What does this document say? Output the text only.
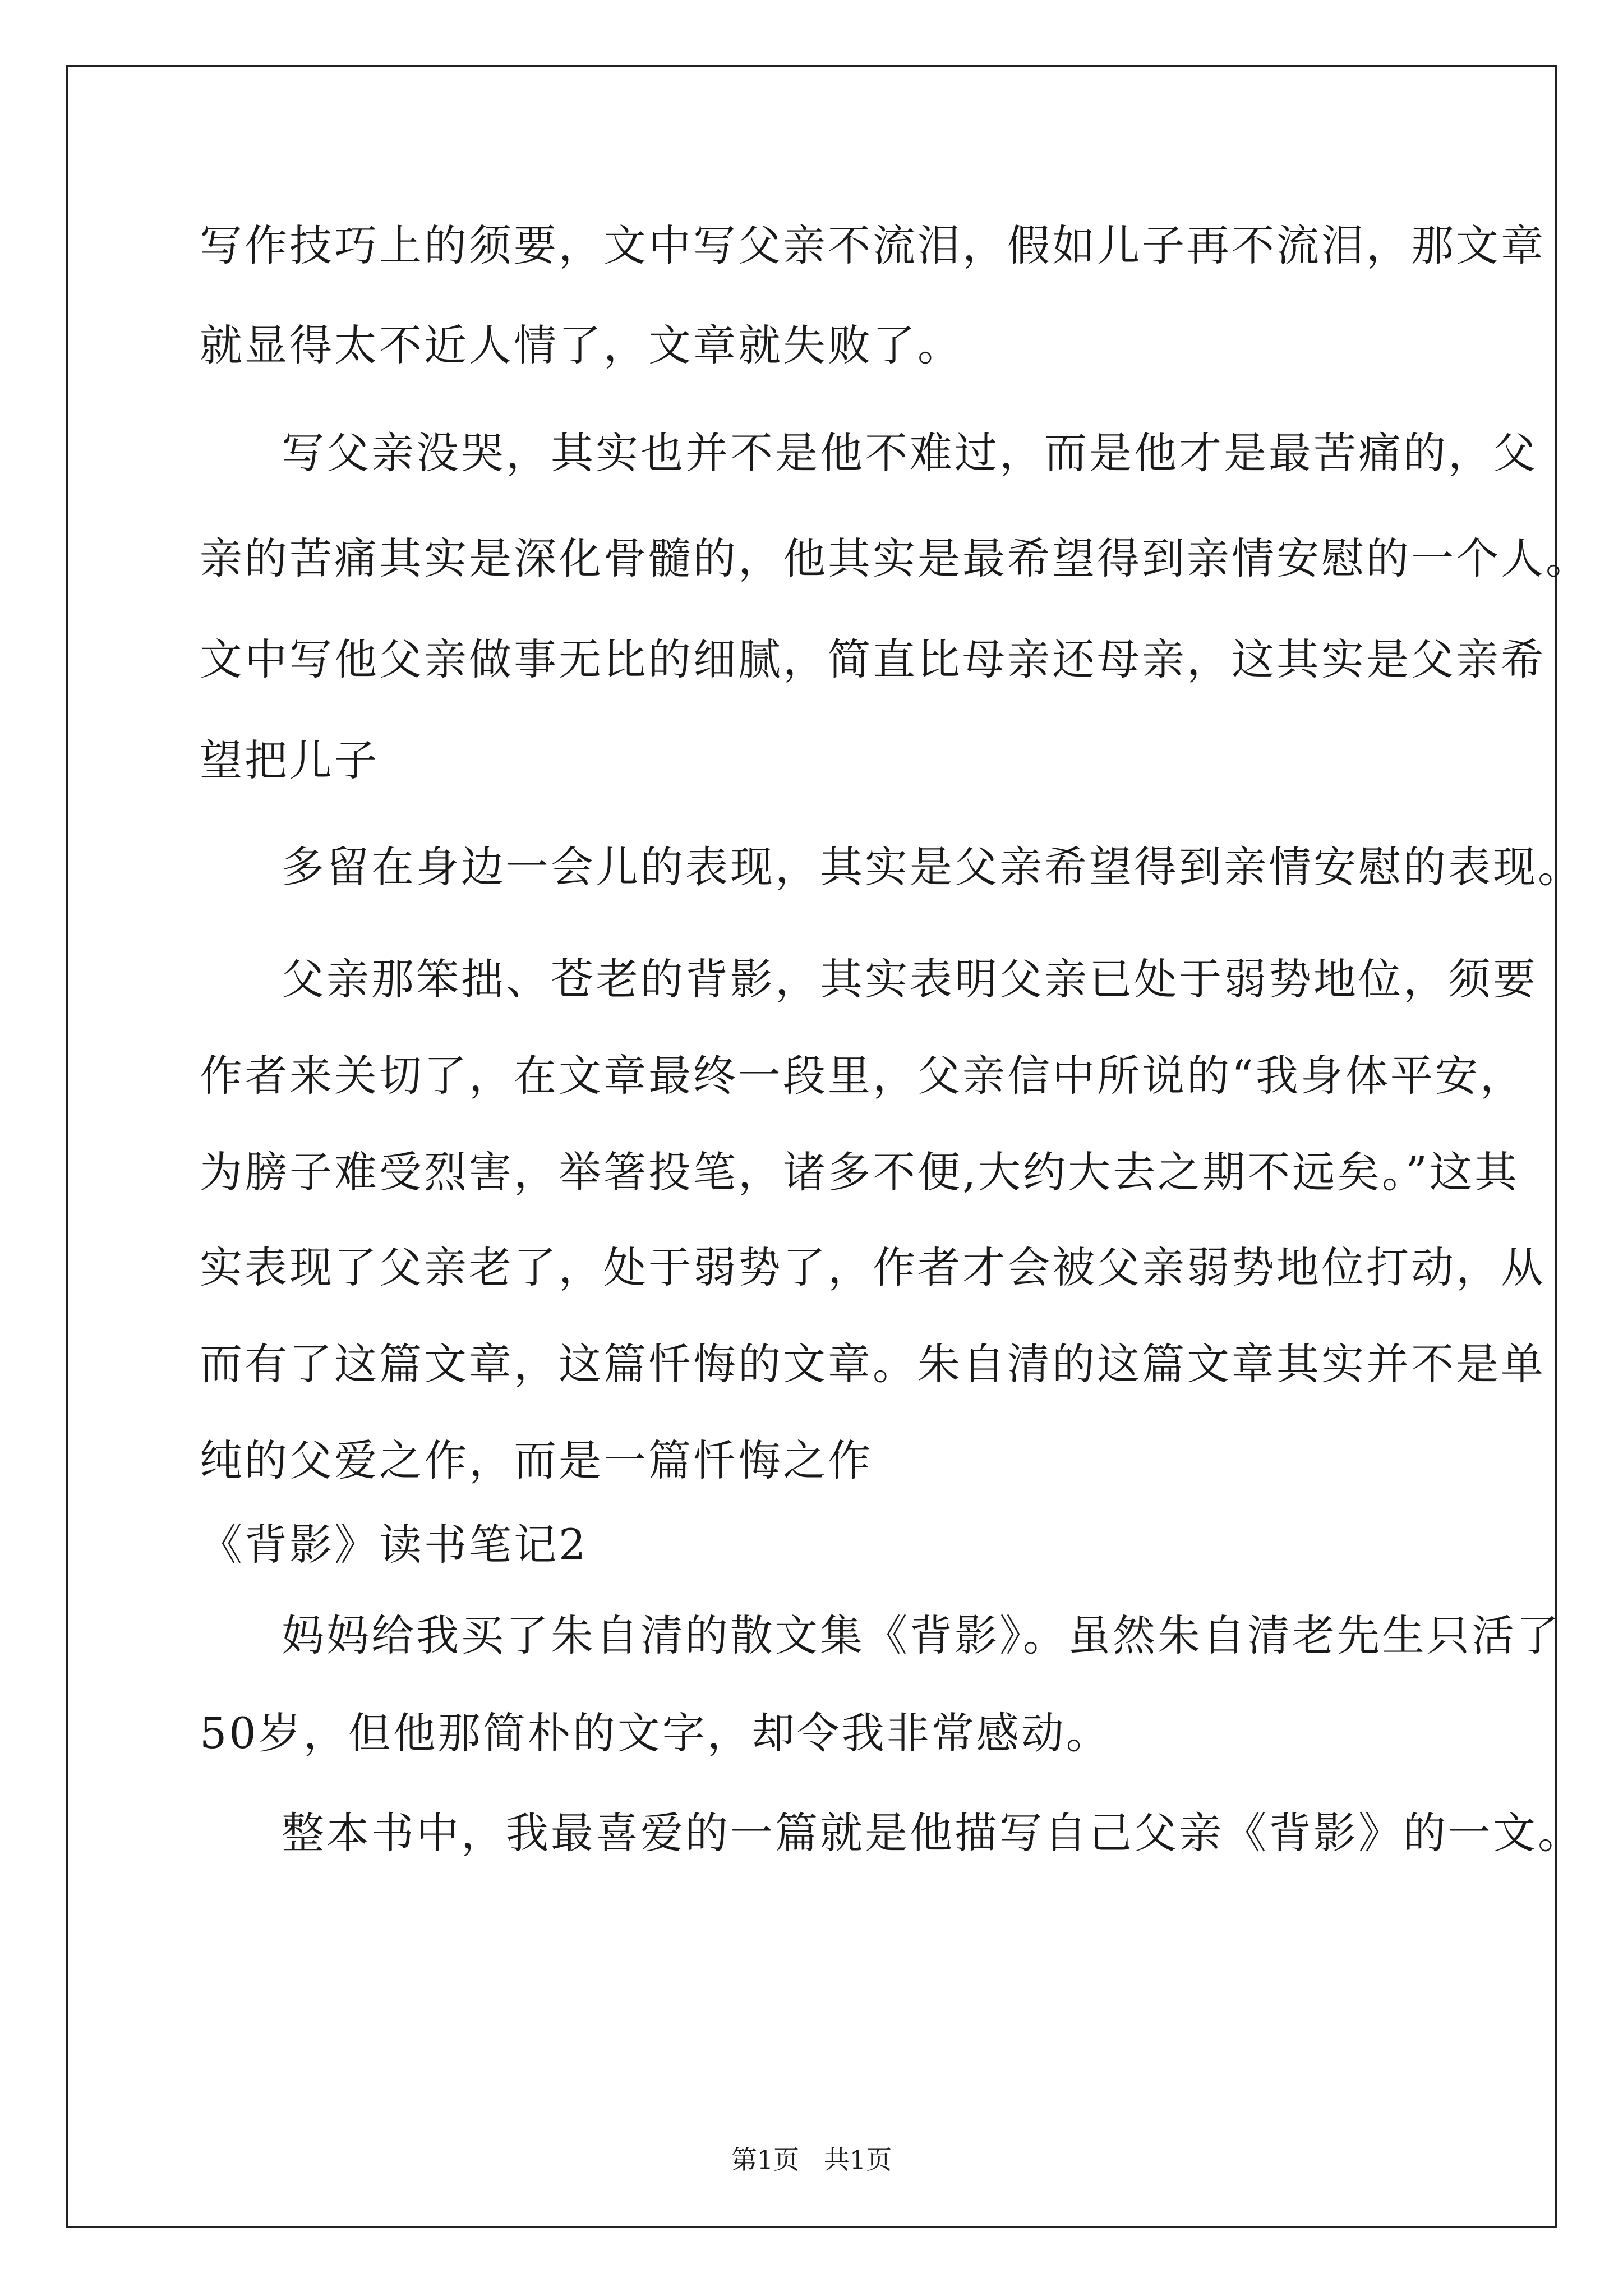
写作技巧上的须要，文中写父亲不流泪，假如儿子再不流泪，那文章
就显得太不近人情了，文章就失败了。
写父亲没哭，其实也并不是他不难过，而是他才是最苦痛的，父
亲的苦痛其实是深化骨髓的，他其实是最希望得到亲情安慰的一个人。
文中写他父亲做事无比的细腻，简直比母亲还母亲，这其实是父亲希
望把儿子
多留在身边一会儿的表现，其实是父亲希望得到亲情安慰的表现。
父亲那笨拙、苍老的背影，其实表明父亲已处于弱势地位，须要
作者来关切了，在文章最终一段里，父亲信中所说的“我身体平安，
为膀子难受烈害，举箸投笔，诸多不便,大约大去之期不远矣。”这其
实表现了父亲老了，处于弱势了，作者才会被父亲弱势地位打动，从
而有了这篇文章，这篇忏悔的文章。朱自清的这篇文章其实并不是单
纯的父爱之作，而是一篇忏悔之作
《背影》读书笔记2
妈妈给我买了朱自清的散文集《背影》。虽然朱自清老先生只活了
50岁，但他那简朴的文字，却令我非常感动。
整本书中，我最喜爱的一篇就是他描写自己父亲《背影》的一文。
第1页   共1页
